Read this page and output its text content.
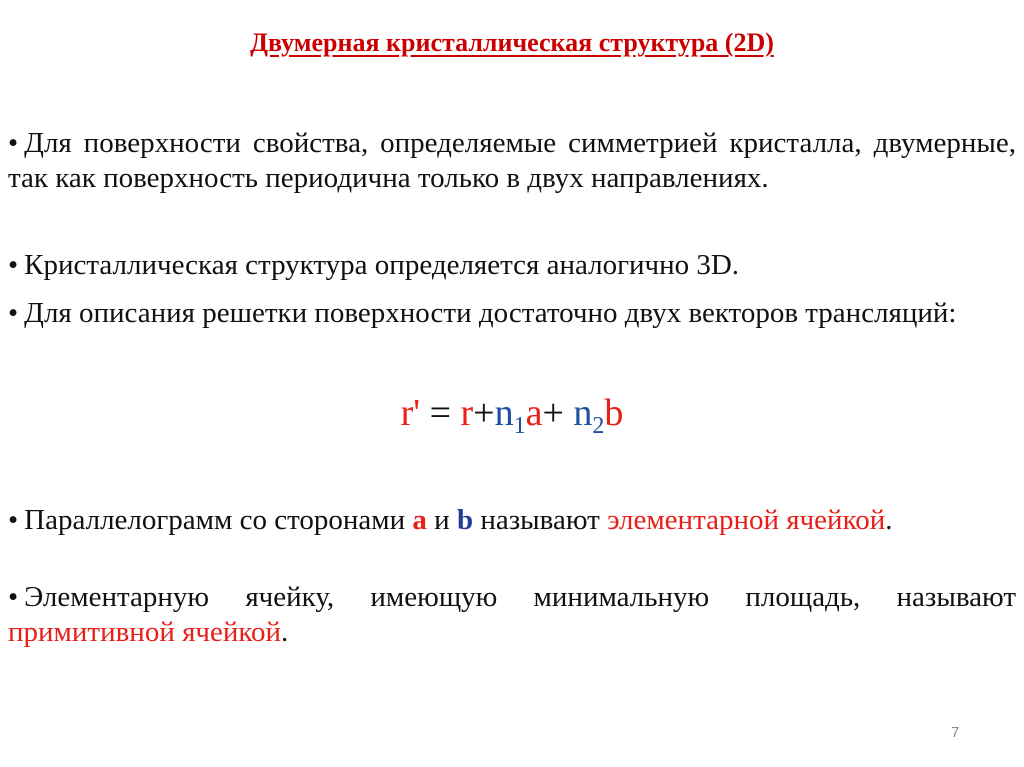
Двумерная кристаллическая структура (2D)
• Для поверхности свойства, определяемые симметрией кристалла, двумерные, так как поверхность периодична только в двух направлениях.
• Кристаллическая структура определяется аналогично 3D.
• Для описания решетки поверхности достаточно двух векторов трансляций:
$r' = r+n_1a+ n_2b$
• Параллелограмм со сторонами a и b называют элементарной ячейкой.
• Элементарную ячейку, имеющую минимальную площадь, называют примитивной ячейкой.
7
